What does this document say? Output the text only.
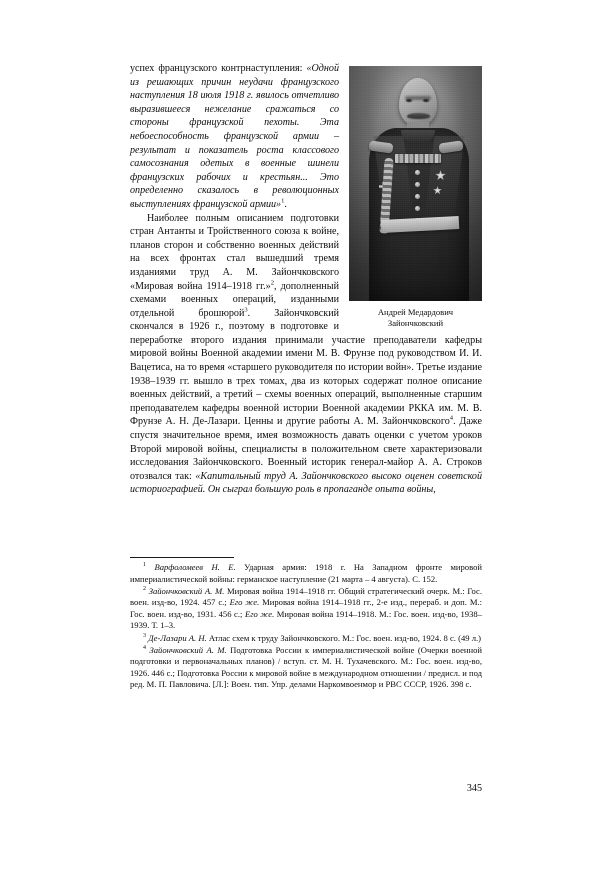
Андрей Медардович
Зайончковский

успех французского контрнаступления: «Одной из решающих причин неудачи французского наступления 18 июля 1918 г. явилось отчетливо выразившееся нежелание сражаться со стороны французской пехоты. Эта небоеспособность французской армии – результат и показатель роста классового самосознания одетых в военные шинели французских рабочих и крестьян... Это определенно сказалось в революционных выступлениях французской армии»$^1$.

Наиболее полным описанием подготовки стран Антанты и Тройственного союза к войне, планов сторон и собственно военных действий на всех фронтах стал вышедший тремя изданиями труд А. М. Зайончковского «Мировая война 1914–1918 гг.»$^2$, дополненный схемами военных операций, изданными отдельной брошюрой$^3$. Зайончковский скончался в 1926 г., поэтому в подготовке и переработке второго издания принимали участие преподаватели кафедры мировой войны Военной академии имени М. В. Фрунзе под руководством И. И. Вацетиса, на то время «старшего руководителя по истории войн». Третье издание 1938–1939 гг. вышло в трех томах, два из которых содержат полное описание военных действий, а третий – схемы военных операций, выполненные старшим преподавателем кафедры военной истории Военной академии РККА им. М. В. Фрунзе А. Н. Де-Лазари. Ценны и другие работы А. М. Зайончковского$^4$. Даже спустя значительное время, имея возможность давать оценки с учетом уроков Второй мировой войны, специалисты в положительном свете характеризовали исследования Зайончковского. Военный историк генерал-майор А. А. Строков отозвался так: «Капитальный труд А. Зайончковского высоко оценен советской историографией. Он сыграл большую роль в пропаганде опыта войны,

$^1$ Варфоломеев Н. Е. Ударная армия: 1918 г. На Западном фронте мировой империалистической войны: германское наступление (21 марта – 4 августа). С. 152.

$^2$ Зайончковский А. М. Мировая война 1914–1918 гг. Общий стратегический очерк. М.: Гос. воен. изд-во, 1924. 457 с.; Его же. Мировая война 1914–1918 гг., 2-е изд., перераб. и доп. М.: Гос. воен. изд-во, 1931. 456 с.; Его же. Мировая война 1914–1918. М.: Гос. воен. изд-во, 1938–1939. Т. 1–3.

$^3$ Де-Лазари А. Н. Атлас схем к труду Зайончковского. М.: Гос. воен. изд-во, 1924. 8 с. (49 л.)

$^4$ Зайончковский А. М. Подготовка России к империалистической войне (Очерки военной подготовки и первоначальных планов) / вступ. ст. М. Н. Тухачевского. М.: Гос. воен. изд-во, 1926. 446 с.; Подготовка России к мировой войне в международном отношении / предисл. и под ред. М. П. Павловича. [Л.]: Воен. тип. Упр. делами Наркомвоенмор и РВС СССР, 1926. 398 с.

345
